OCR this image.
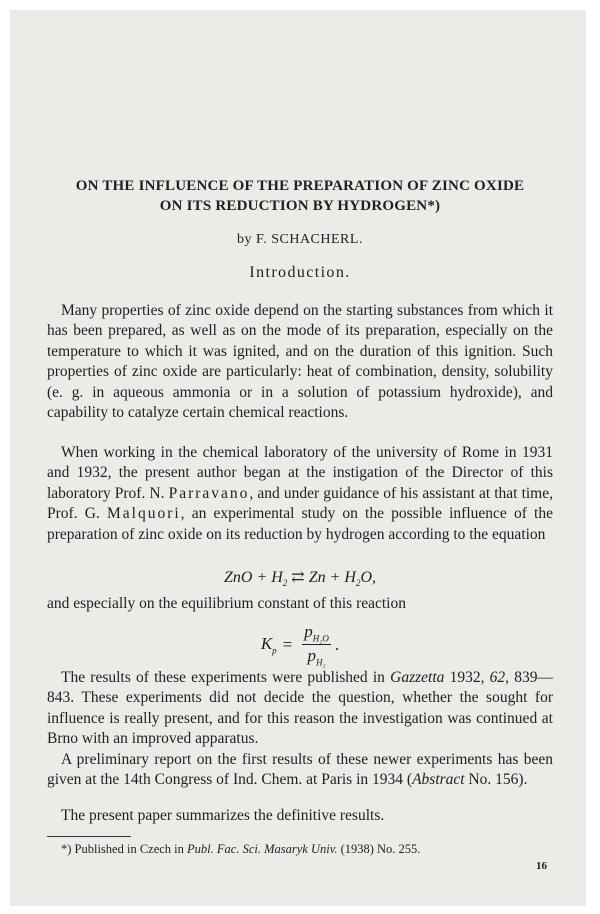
ON THE INFLUENCE OF THE PREPARATION OF ZINC OXIDE
ON ITS REDUCTION BY HYDROGEN*)
by F. SCHACHERL.
Introduction.

Many properties of zinc oxide depend on the starting substances from which it has been prepared, as well as on the mode of its preparation, especially on the temperature to which it was ignited, and on the duration of this ignition. Such properties of zinc oxide are particularly: heat of combination, density, solubility (e. g. in aqueous ammonia or in a solution of potassium hydroxide), and capability to catalyze certain chemical reactions.

When working in the chemical laboratory of the university of Rome in 1931 and 1932, the present author began at the instigation of the Director of this laboratory Prof. N. Parravano, and under guidance of his assistant at that time, Prof. G. Malquori, an experimental study on the possible influence of the preparation of zinc oxide on its reduction by hydrogen according to the equation

ZnO + $H_2$ ⇄ $Zn + H_2O$,

and especially on the equilibrium constant of this reaction

$K_p = \frac{p_{H_2O}}{p_{H_2}}$ .

The results of these experiments were published in Gazzetta 1932, 62, 839—843. These experiments did not decide the question, whether the sought for influence is really present, and for this reason the investigation was continued at Brno with an improved apparatus.

A preliminary report on the first results of these newer experiments has been given at the 14th Congress of Ind. Chem. at Paris in 1934 (Abstract No. 156).

The present paper summarizes the definitive results.

*) Published in Czech in Publ. Fac. Sci. Masaryk Univ. (1938) No. 255.
16
